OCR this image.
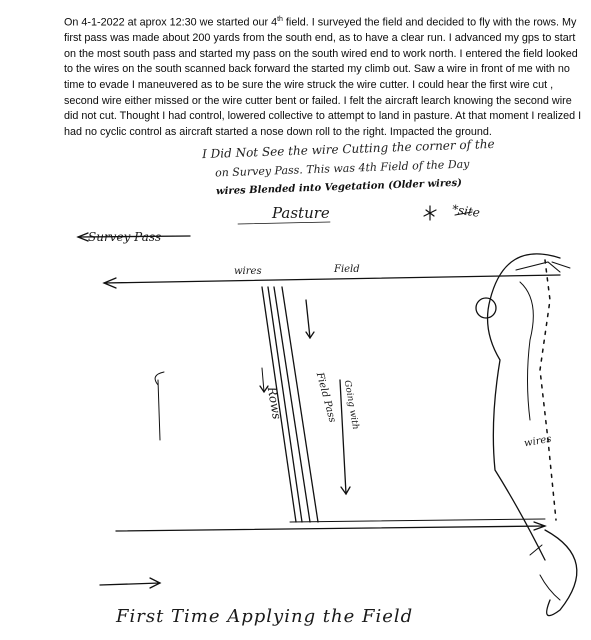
On 4-1-2022 at aprox 12:30 we started our 4th field. I surveyed the field and decided to fly with the rows. My first pass was made about 200 yards from the south end, as to have a clear run. I advanced my gps to start on the most south pass and started my pass on the south wired end to work north. I entered the field looked to the wires on the south scanned back forward the started my climb out. Saw a wire in front of me with no time to evade I maneuvered as to be sure the wire struck the wire cutter. I could hear the first wire cut , second wire either missed or the wire cutter bent or failed. I felt the aircraft learch knowing the second wire did not cut. Thought I had control, lowered collective to attempt to land in pasture. At that moment I realized I had no cyclic control as aircraft started a nose down roll to the right. Impacted the ground.
I Did Not See the wire Cutting the corner of the
on Survey Pass. This was 4th Field of the Day
wires Blended into Vegetation (Older wires)
Pasture
Survey Pass
*site
wires	Field
Rows	Field Pass Going with
wires
First Time Applying the Field
